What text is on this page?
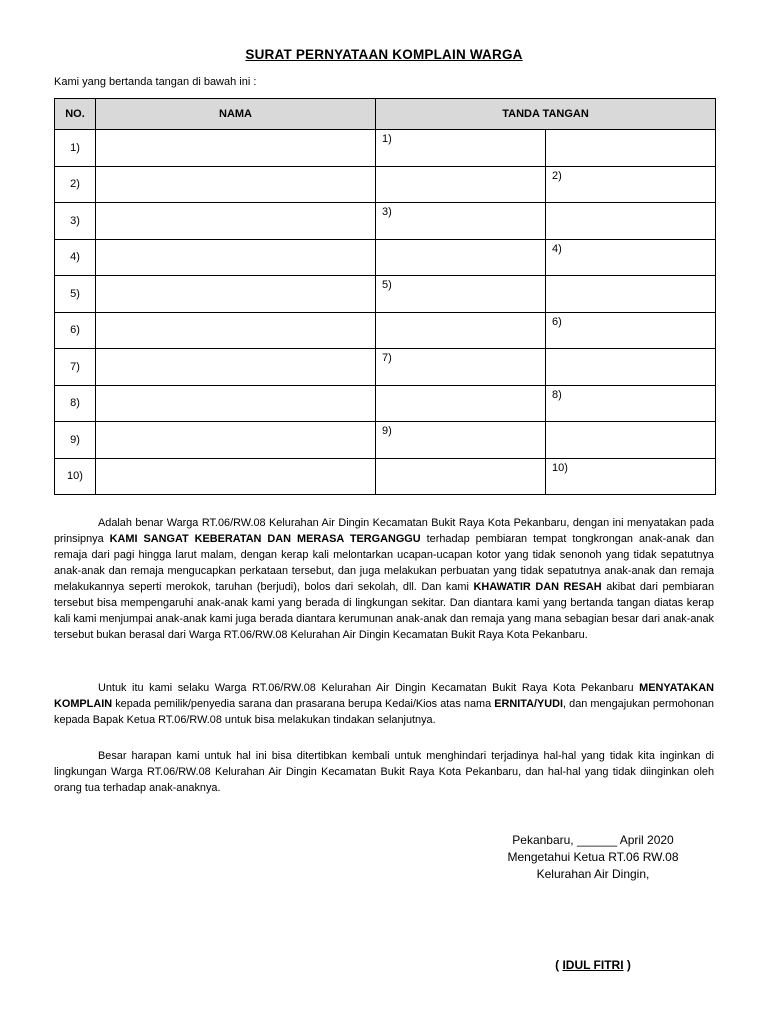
SURAT PERNYATAAN KOMPLAIN WARGA
Kami yang bertanda tangan di bawah ini :
NO.	NAMA	TANDA TANGAN	
1)		1)	
2)			2)
3)		3)	
4)			4)
5)		5)	
6)			6)
7)		7)	
8)			8)
9)		9)	
10)			10)
Adalah benar Warga RT.06/RW.08 Kelurahan Air Dingin Kecamatan Bukit Raya Kota Pekanbaru, dengan ini menyatakan pada prinsipnya KAMI SANGAT KEBERATAN DAN MERASA TERGANGGU terhadap pembiaran tempat tongkrongan anak-anak dan remaja dari pagi hingga larut malam, dengan kerap kali melontarkan ucapan-ucapan kotor yang tidak senonoh yang tidak sepatutnya anak-anak dan remaja mengucapkan perkataan tersebut, dan juga melakukan perbuatan yang tidak sepatutnya anak-anak dan remaja melakukannya seperti merokok, taruhan (berjudi), bolos dari sekolah, dll. Dan kami KHAWATIR DAN RESAH akibat dari pembiaran tersebut bisa mempengaruhi anak-anak kami yang berada di lingkungan sekitar. Dan diantara kami yang bertanda tangan diatas kerap kali kami menjumpai anak-anak kami juga berada diantara kerumunan anak-anak dan remaja yang mana sebagian besar dari anak-anak tersebut bukan berasal dari Warga RT.06/RW.08 Kelurahan Air Dingin Kecamatan Bukit Raya Kota Pekanbaru.
Untuk itu kami selaku Warga RT.06/RW.08 Kelurahan Air Dingin Kecamatan Bukit Raya Kota Pekanbaru MENYATAKAN KOMPLAIN kepada pemilik/penyedia sarana dan prasarana berupa Kedai/Kios atas nama ERNITA/YUDI, dan mengajukan permohonan kepada Bapak Ketua RT.06/RW.08 untuk bisa melakukan tindakan selanjutnya.
Besar harapan kami untuk hal ini bisa ditertibkan kembali untuk menghindari terjadinya hal-hal yang tidak kita inginkan di lingkungan Warga RT.06/RW.08 Kelurahan Air Dingin Kecamatan Bukit Raya Kota Pekanbaru, dan hal-hal yang tidak diinginkan oleh orang tua terhadap anak-anaknya.
Pekanbaru, ______ April 2020
Mengetahui Ketua RT.06 RW.08
Kelurahan Air Dingin,
( IDUL FITRI )
